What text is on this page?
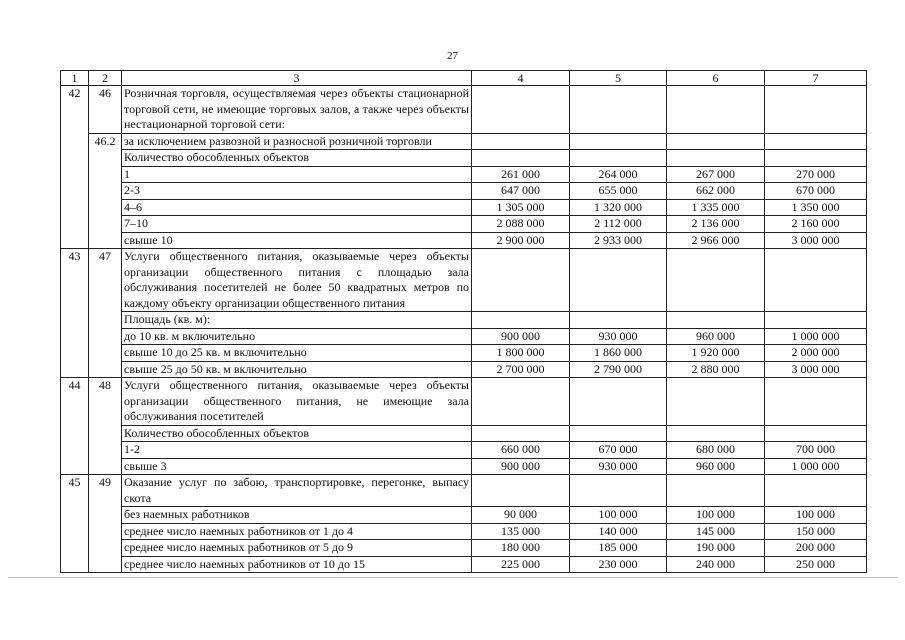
27
1	2	3	4	5	6	7
42	46	Розничная торговля, осуществляемая через объекты стационарной торговой сети, не имеющие торговых залов, а также через объекты нестационарной торговой сети:				
	46.2	за исключением развозной и разносной розничной торговли				
		Количество обособленных объектов				
		1	261 000	264 000	267 000	270 000
		2-3	647 000	655 000	662 000	670 000
		4–6	1 305 000	1 320 000	1 335 000	1 350 000
		7–10	2 088 000	2 112 000	2 136 000	2 160 000
		свыше 10	2 900 000	2 933 000	2 966 000	3 000 000
43	47	Услуги общественного питания, оказываемые через объекты организации общественного питания с площадью зала обслуживания посетителей не более 50 квадратных метров по каждому объекту организации общественного питания				
		Площадь (кв. м):				
		до 10 кв. м включительно	900 000	930 000	960 000	1 000 000
		свыше 10 до 25 кв. м включительно	1 800 000	1 860 000	1 920 000	2 000 000
		свыше 25 до 50 кв. м включительно	2 700 000	2 790 000	2 880 000	3 000 000
44	48	Услуги общественного питания, оказываемые через объекты организации общественного питания, не имеющие зала обслуживания посетителей				
		Количество обособленных объектов				
		1-2	660 000	670 000	680 000	700 000
		свыше 3	900 000	930 000	960 000	1 000 000
45	49	Оказание услуг по забою, транспортировке, перегонке, выпасу скота				
		без наемных работников	90 000	100 000	100 000	100 000
		среднее число наемных работников от 1 до 4	135 000	140 000	145 000	150 000
		среднее число наемных работников от 5 до 9	180 000	185 000	190 000	200 000
		среднее число наемных работников от 10 до 15	225 000	230 000	240 000	250 000
